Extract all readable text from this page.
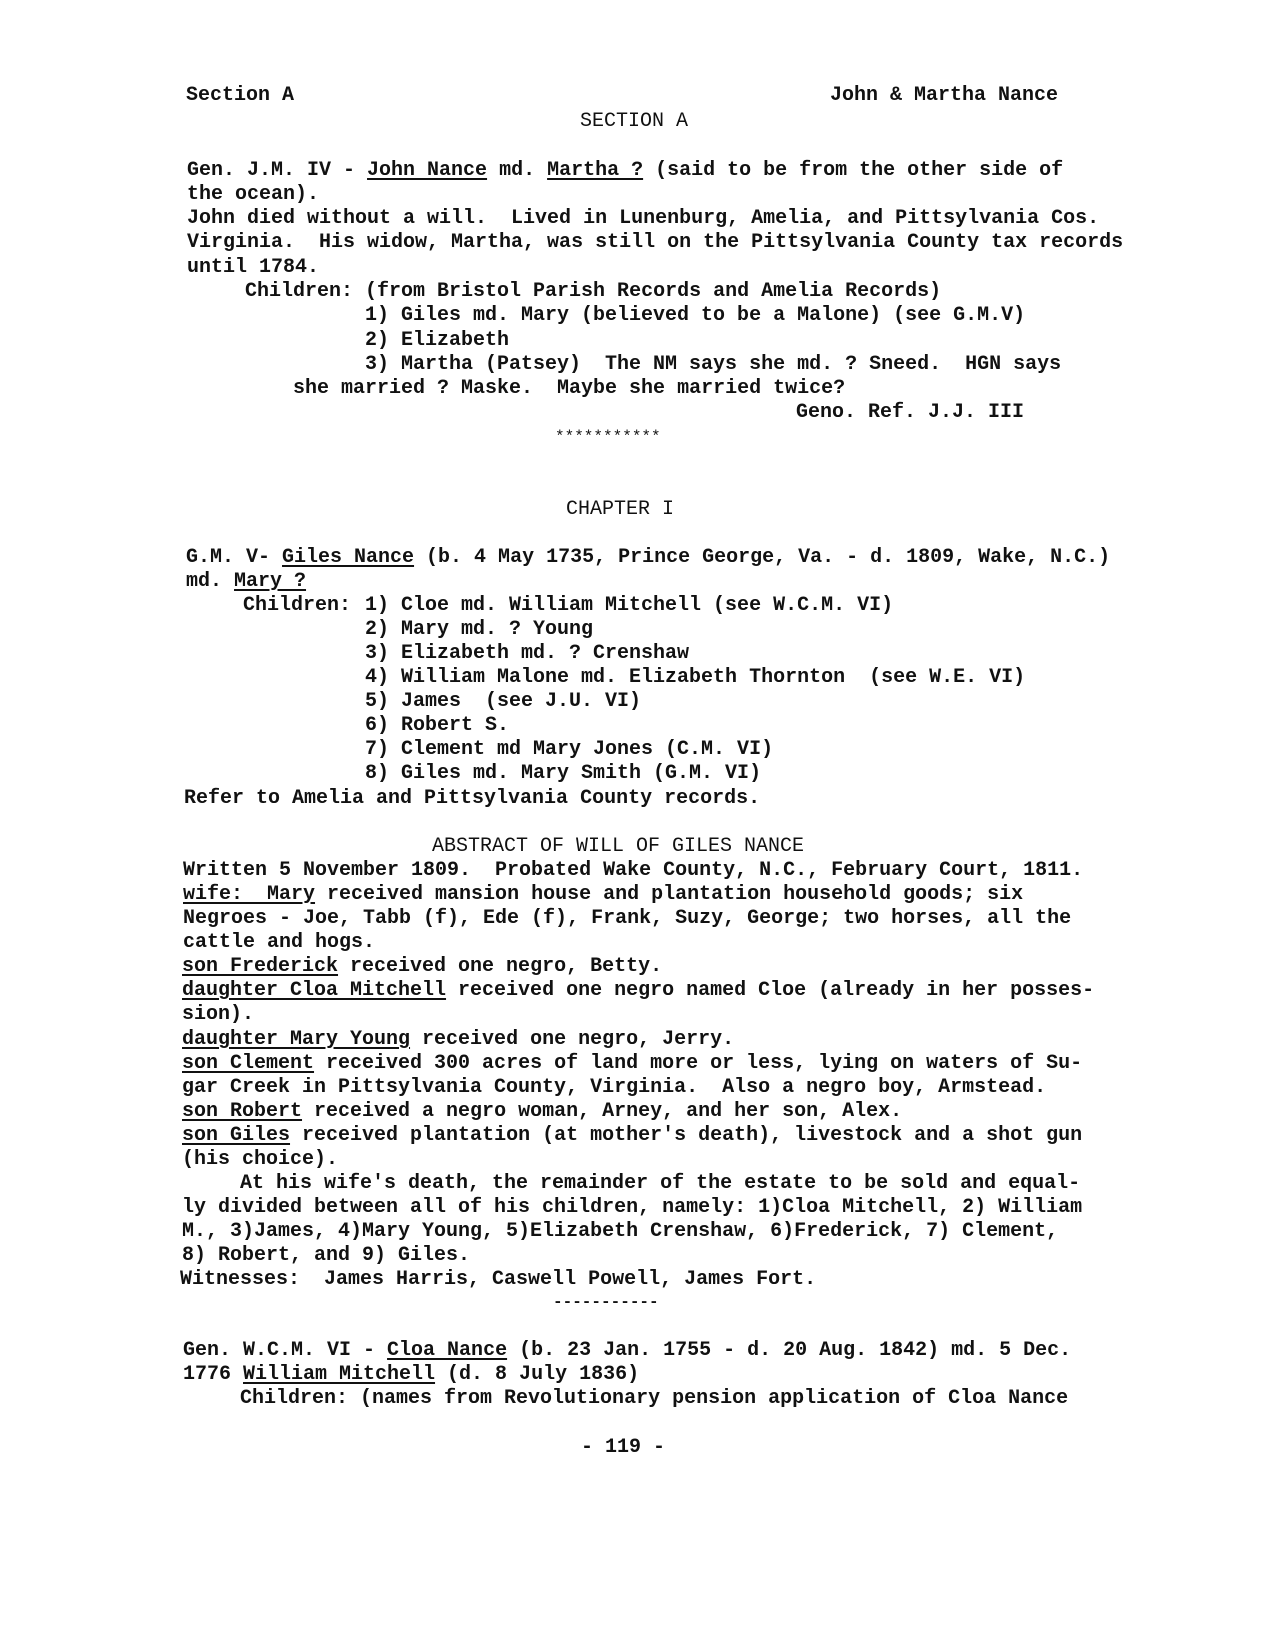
Section A	John & Martha Nance
SECTION A
Gen. J.M. IV - John Nance md. Martha ? (said to be from the other side of
the ocean).
John died without a will.  Lived in Lunenburg, Amelia, and Pittsylvania Cos.
Virginia.  His widow, Martha, was still on the Pittsylvania County tax records
until 1784.
Children: (from Bristol Parish Records and Amelia Records)
1) Giles md. Mary (believed to be a Malone) (see G.M.V)
2) Elizabeth
3) Martha (Patsey)  The NM says she md. ? Sneed.  HGN says
she married ? Maske.  Maybe she married twice?
Geno. Ref. J.J. III
***********
CHAPTER I
G.M. V- Giles Nance (b. 4 May 1735, Prince George, Va. - d. 1809, Wake, N.C.)
md. Mary ?
Children: 1) Cloe md. William Mitchell (see W.C.M. VI)
2) Mary md. ? Young
3) Elizabeth md. ? Crenshaw
4) William Malone md. Elizabeth Thornton  (see W.E. VI)
5) James  (see J.U. VI)
6) Robert S.
7) Clement md Mary Jones (C.M. VI)
8) Giles md. Mary Smith (G.M. VI)
Refer to Amelia and Pittsylvania County records.
ABSTRACT OF WILL OF GILES NANCE
Written 5 November 1809.  Probated Wake County, N.C., February Court, 1811.
wife:  Mary received mansion house and plantation household goods; six
Negroes - Joe, Tabb (f), Ede (f), Frank, Suzy, George; two horses, all the
cattle and hogs.
son Frederick received one negro, Betty.
daughter Cloa Mitchell received one negro named Cloe (already in her posses-
sion).
daughter Mary Young received one negro, Jerry.
son Clement received 300 acres of land more or less, lying on waters of Su-
gar Creek in Pittsylvania County, Virginia.  Also a negro boy, Armstead.
son Robert received a negro woman, Arney, and her son, Alex.
son Giles received plantation (at mother's death), livestock and a shot gun
(his choice).
At his wife's death, the remainder of the estate to be sold and equal-
ly divided between all of his children, namely: 1)Cloa Mitchell, 2) William
M., 3)James, 4)Mary Young, 5)Elizabeth Crenshaw, 6)Frederick, 7) Clement,
8) Robert, and 9) Giles.
Witnesses:  James Harris, Caswell Powell, James Fort.
-----------
Gen. W.C.M. VI - Cloa Nance (b. 23 Jan. 1755 - d. 20 Aug. 1842) md. 5 Dec.
1776 William Mitchell (d. 8 July 1836)
Children: (names from Revolutionary pension application of Cloa Nance
- 119 -
